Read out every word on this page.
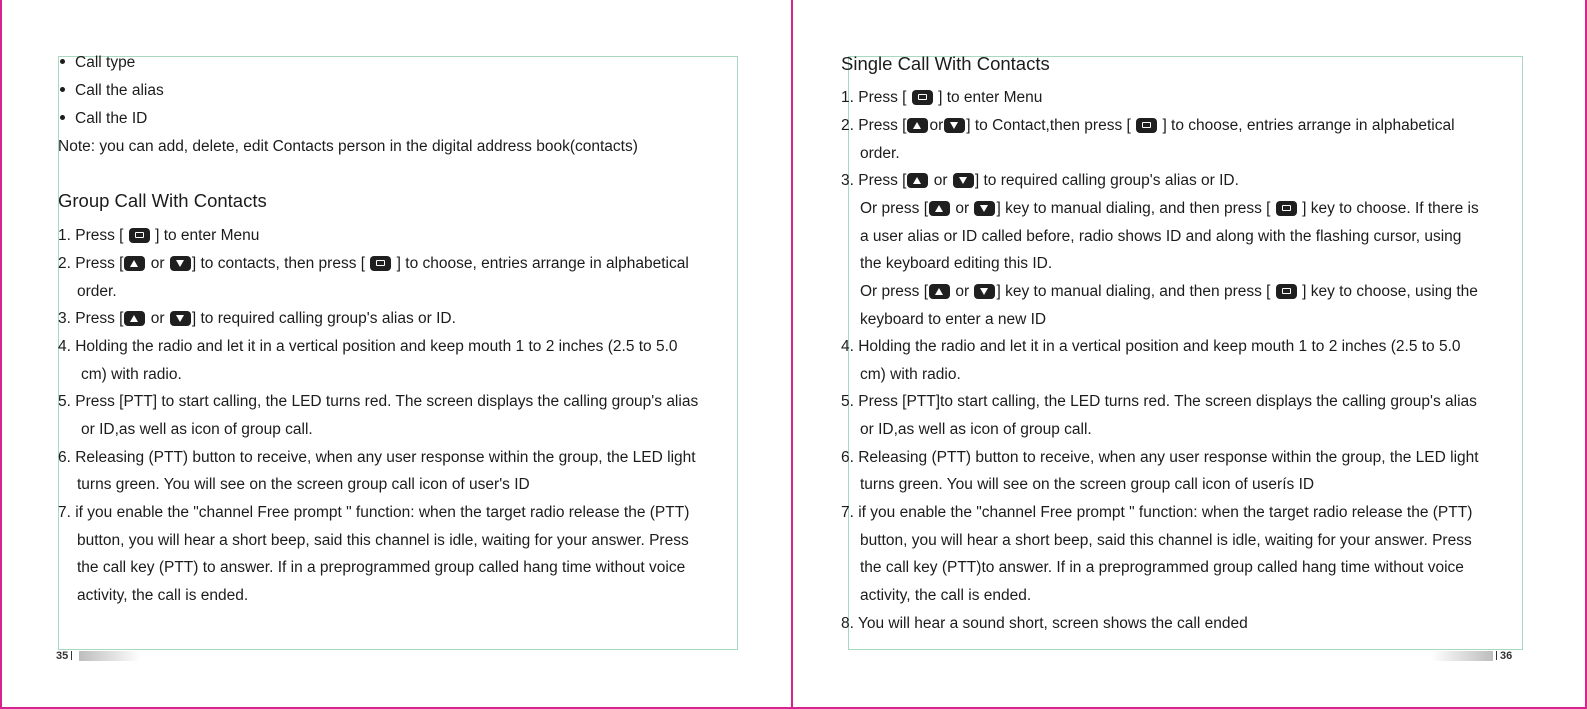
Call type
Call the alias
Call the ID
Note: you can add, delete, edit Contacts person in the digital address book(contacts)
Group Call With Contacts
1. Press [  ] to enter Menu
2. Press [ or ] to contacts, then press [  ] to choose, entries arrange in alphabetical
order.
3. Press [ or ] to required calling group's alias or ID.
4. Holding the radio and let it in a vertical position and keep mouth 1 to 2 inches (2.5 to 5.0
cm) with radio.
5. Press [PTT] to start calling, the LED turns red. The screen displays the calling group's alias
or ID,as well as icon of group call.
6. Releasing (PTT) button to receive, when any user response within the group, the LED light
turns green. You will see on the screen group call icon of user's ID
7. if you enable the "channel Free prompt " function: when the target radio release the (PTT)
button, you will hear a short beep, said this channel is idle, waiting for your answer. Press
the call key (PTT) to answer. If in a preprogrammed group called hang time without voice
activity, the call is ended.
35
Single Call With Contacts
1. Press [  ] to enter Menu
2. Press [ or ] to Contact,then press [  ] to choose, entries arrange in alphabetical
order.
3. Press [ or ] to required calling group's alias or ID.
Or press [ or ] key to manual dialing, and then press [  ] key to choose. If there is
a user alias or ID called before, radio shows ID and along with the flashing cursor, using
the keyboard editing this ID.
Or press [ or ] key to manual dialing, and then press [  ] key to choose, using the
keyboard to enter a new ID
4. Holding the radio and let it in a vertical position and keep mouth 1 to 2 inches (2.5 to 5.0
cm) with radio.
5. Press [PTT]to start calling, the LED turns red. The screen displays the calling group's alias
or ID,as well as icon of group call.
6. Releasing (PTT) button to receive, when any user response within the group, the LED light
turns green. You will see on the screen group call icon of userís ID
7. if you enable the "channel Free prompt " function: when the target radio release the (PTT)
button, you will hear a short beep, said this channel is idle, waiting for your answer. Press
the call key (PTT)to answer. If in a preprogrammed group called hang time without voice
activity, the call is ended.
8. You will hear a sound short, screen shows the call ended
36
